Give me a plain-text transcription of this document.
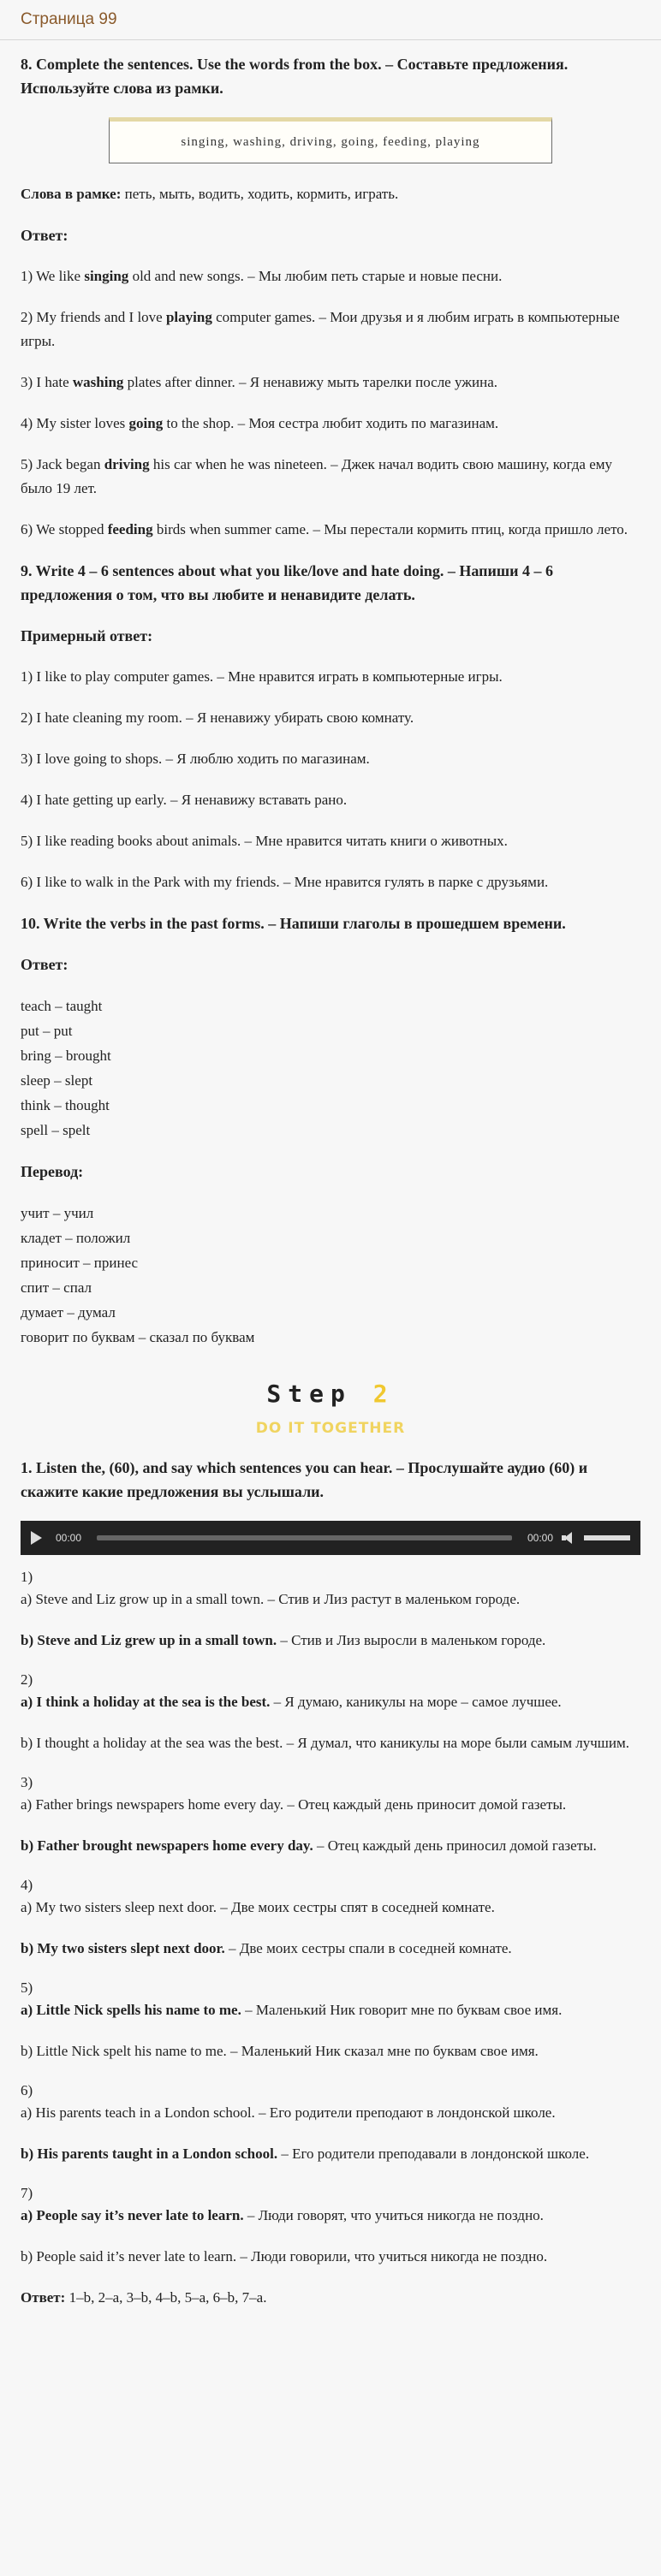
Страница 99

8. Complete the sentences. Use the words from the box. – Составьте предложения. Используйте слова из рамки.

singing, washing, driving, going, feeding, playing

Слова в рамке: петь, мыть, водить, ходить, кормить, играть.

Ответ:

1) We like singing old and new songs. – Мы любим петь старые и новые песни.

2) My friends and I love playing computer games. – Мои друзья и я любим играть в компьютерные игры.

3) I hate washing plates after dinner. – Я ненавижу мыть тарелки после ужина.

4) My sister loves going to the shop. – Моя сестра любит ходить по магазинам.

5) Jack began driving his car when he was nineteen. – Джек начал водить свою машину, когда ему было 19 лет.

6) We stopped feeding birds when summer came. – Мы перестали кормить птиц, когда пришло лето.

9. Write 4 – 6 sentences about what you like/love and hate doing. – Напиши 4 – 6 предложения о том, что вы любите и ненавидите делать.

Примерный ответ:

1) I like to play computer games. – Мне нравится играть в компьютерные игры.

2) I hate cleaning my room. – Я ненавижу убирать свою комнату.

3) I love going to shops. – Я люблю ходить по магазинам.

4) I hate getting up early. – Я ненавижу вставать рано.

5) I like reading books about animals. – Мне нравится читать книги о животных.

6) I like to walk in the Park with my friends. – Мне нравится гулять в парке с друзьями.

10. Write the verbs in the past forms. – Напиши глаголы в прошедшем времени.

Ответ:

teach – taught
put – put
bring – brought
sleep – slept
think – thought
spell – spelt

Перевод:

учит – учил
кладет – положил
приносит – принес
спит – спал
думает – думал
говорит по буквам – сказал по буквам
Step 2
DO IT TOGETHER

1. Listen the, (60), and say which sentences you can hear. – Прослушайте аудио (60) и скажите какие предложения вы услышали.

00:00	00:00
1)

a) Steve and Liz grow up in a small town. – Стив и Лиз растут в маленьком городе.

b) Steve and Liz grew up in a small town. – Стив и Лиз выросли в маленьком городе.

2)

a) I think a holiday at the sea is the best. – Я думаю, каникулы на море – самое лучшее.

b) I thought a holiday at the sea was the best. – Я думал, что каникулы на море были самым лучшим.

3)

a) Father brings newspapers home every day. – Отец каждый день приносит домой газеты.

b) Father brought newspapers home every day. – Отец каждый день приносил домой газеты.

4)

a) My two sisters sleep next door. – Две моих сестры спят в соседней комнате.

b) My two sisters slept next door. – Две моих сестры спали в соседней комнате.

5)

a) Little Nick spells his name to me. – Маленький Ник говорит мне по буквам свое имя.

b) Little Nick spelt his name to me. – Маленький Ник сказал мне по буквам свое имя.

6)

a) His parents teach in a London school. – Его родители преподают в лондонской школе.

b) His parents taught in a London school. – Его родители преподавали в лондонской школе.

7)

a) People say it’s never late to learn. – Люди говорят, что учиться никогда не поздно.

b) People said it’s never late to learn. – Люди говорили, что учиться никогда не поздно.

Ответ: 1–b, 2–a, 3–b, 4–b, 5–a, 6–b, 7–a.
